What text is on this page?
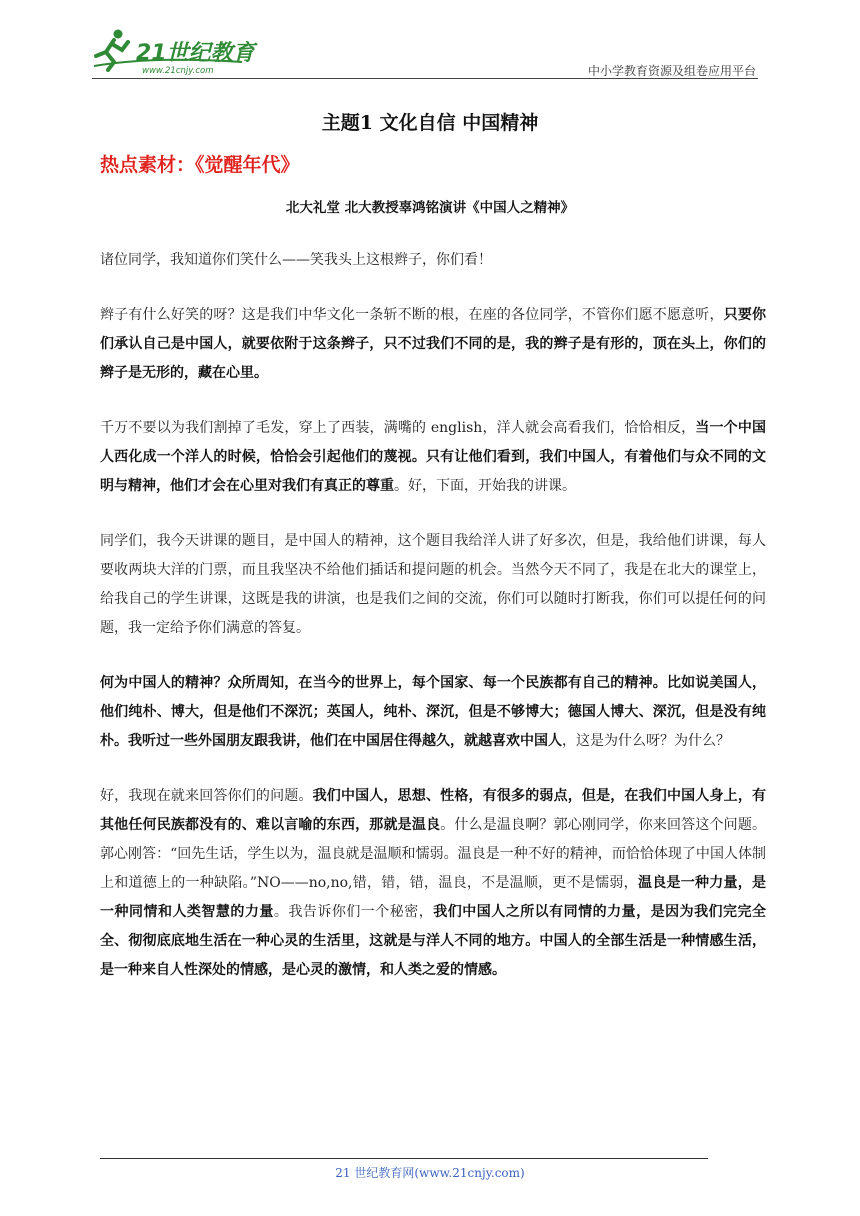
21世纪教育
www.21cnjy.com	中小学教育资源及组卷应用平台
主题1 文化自信 中国精神
热点素材：《觉醒年代》
北大礼堂 北大教授辜鸿铭演讲《中国人之精神》

诸位同学，我知道你们笑什么——笑我头上这根辫子，你们看！

辫子有什么好笑的呀？这是我们中华文化一条斩不断的根，在座的各位同学，不管你们愿不愿意听，只要你们承认自己是中国人，就要依附于这条辫子，只不过我们不同的是，我的辫子是有形的，顶在头上，你们的辫子是无形的，藏在心里。

千万不要以为我们割掉了毛发，穿上了西装，满嘴的 english，洋人就会高看我们，恰恰相反，当一个中国人西化成一个洋人的时候，恰恰会引起他们的蔑视。只有让他们看到，我们中国人，有着他们与众不同的文明与精神，他们才会在心里对我们有真正的尊重。好，下面，开始我的讲课。

同学们，我今天讲课的题目，是中国人的精神，这个题目我给洋人讲了好多次，但是，我给他们讲课，每人要收两块大洋的门票，而且我坚决不给他们插话和提问题的机会。当然今天不同了，我是在北大的课堂上，给我自己的学生讲课，这既是我的讲演，也是我们之间的交流，你们可以随时打断我，你们可以提任何的问题，我一定给予你们满意的答复。

何为中国人的精神？众所周知，在当今的世界上，每个国家、每一个民族都有自己的精神。比如说美国人，他们纯朴、博大，但是他们不深沉；英国人，纯朴、深沉，但是不够博大；德国人博大、深沉，但是没有纯朴。我听过一些外国朋友跟我讲，他们在中国居住得越久，就越喜欢中国人，这是为什么呀？为什么？

好，我现在就来回答你们的问题。我们中国人，思想、性格，有很多的弱点，但是，在我们中国人身上，有其他任何民族都没有的、难以言喻的东西，那就是温良。什么是温良啊？郭心刚同学，你来回答这个问题。郭心刚答：“回先生话，学生以为，温良就是温顺和懦弱。温良是一种不好的精神，而恰恰体现了中国人体制上和道德上的一种缺陷。”NO——no,no,错，错，错，温良，不是温顺，更不是懦弱，温良是一种力量，是一种同情和人类智慧的力量。我告诉你们一个秘密，我们中国人之所以有同情的力量，是因为我们完完全全、彻彻底底地生活在一种心灵的生活里，这就是与洋人不同的地方。中国人的全部生活是一种情感生活，是一种来自人性深处的情感，是心灵的激情，和人类之爱的情感。

21 世纪教育网(www.21cnjy.com)
